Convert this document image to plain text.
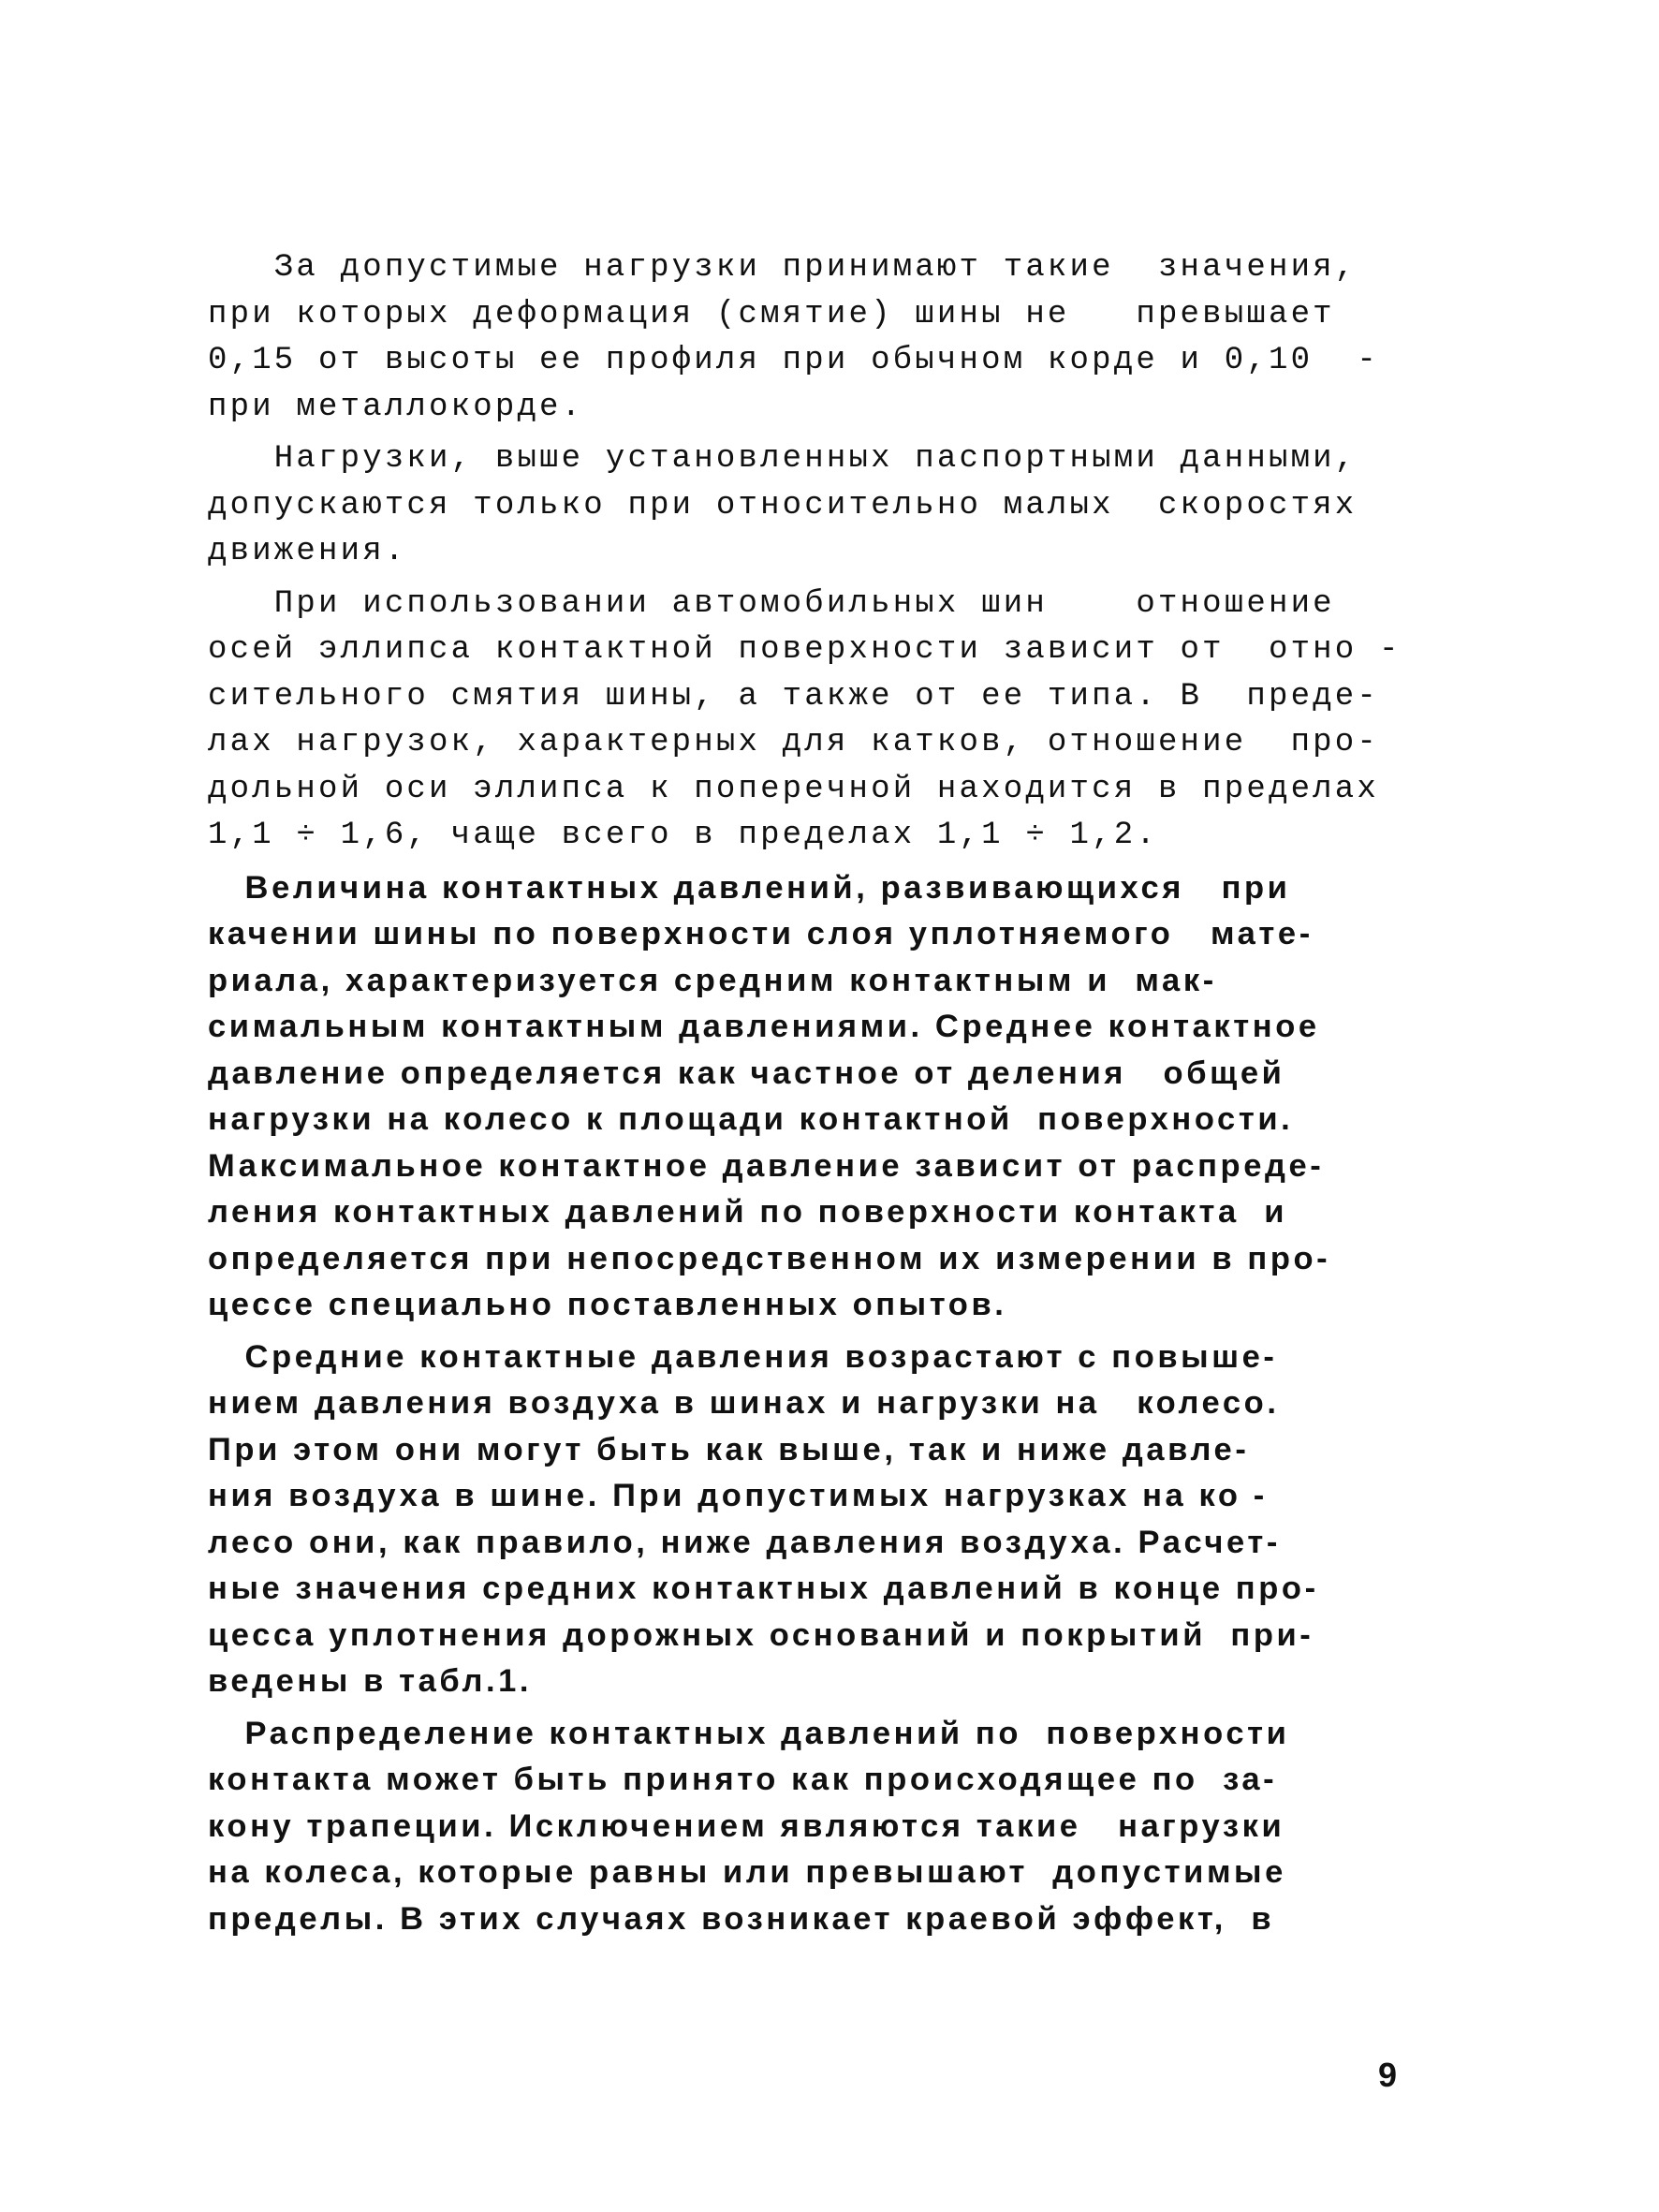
За допустимые нагрузки принимают такие  значения,
при которых деформация (смятие) шины не   превышает
0,15 от высоты ее профиля при обычном корде и 0,10  -
при металлокорде.

Нагрузки, выше установленных паспортными данными,
допускаются только при относительно малых  скоростях
движения.

При использовании автомобильных шин    отношение
осей эллипса контактной поверхности зависит от  отно -
сительного смятия шины, а также от ее типа. В  преде-
лах нагрузок, характерных для катков, отношение  про-
дольной оси эллипса к поперечной находится в пределах
1,1 ÷ 1,6, чаще всего в пределах 1,1 ÷ 1,2.

Величина контактных давлений, развивающихся   при
качении шины по поверхности слоя уплотняемого   мате-
риала, характеризуется средним контактным и  мак-
симальным контактным давлениями. Среднее контактное
давление определяется как частное от деления   общей
нагрузки на колесо к площади контактной  поверхности.
Максимальное контактное давление зависит от распреде-
ления контактных давлений по поверхности контакта  и
определяется при непосредственном их измерении в про-
цессе специально поставленных опытов.

Средние контактные давления возрастают с повыше-
нием давления воздуха в шинах и нагрузки на   колесо.
При этом они могут быть как выше, так и ниже давле-
ния воздуха в шине. При допустимых нагрузках на ко -
лесо они, как правило, ниже давления воздуха. Расчет-
ные значения средних контактных давлений в конце про-
цесса уплотнения дорожных оснований и покрытий  при-
ведены в табл.1.

Распределение контактных давлений по  поверхности
контакта может быть принято как происходящее по  за-
кону трапеции. Исключением являются такие   нагрузки
на колеса, которые равны или превышают  допустимые
пределы. В этих случаях возникает краевой эффект,  в

9
